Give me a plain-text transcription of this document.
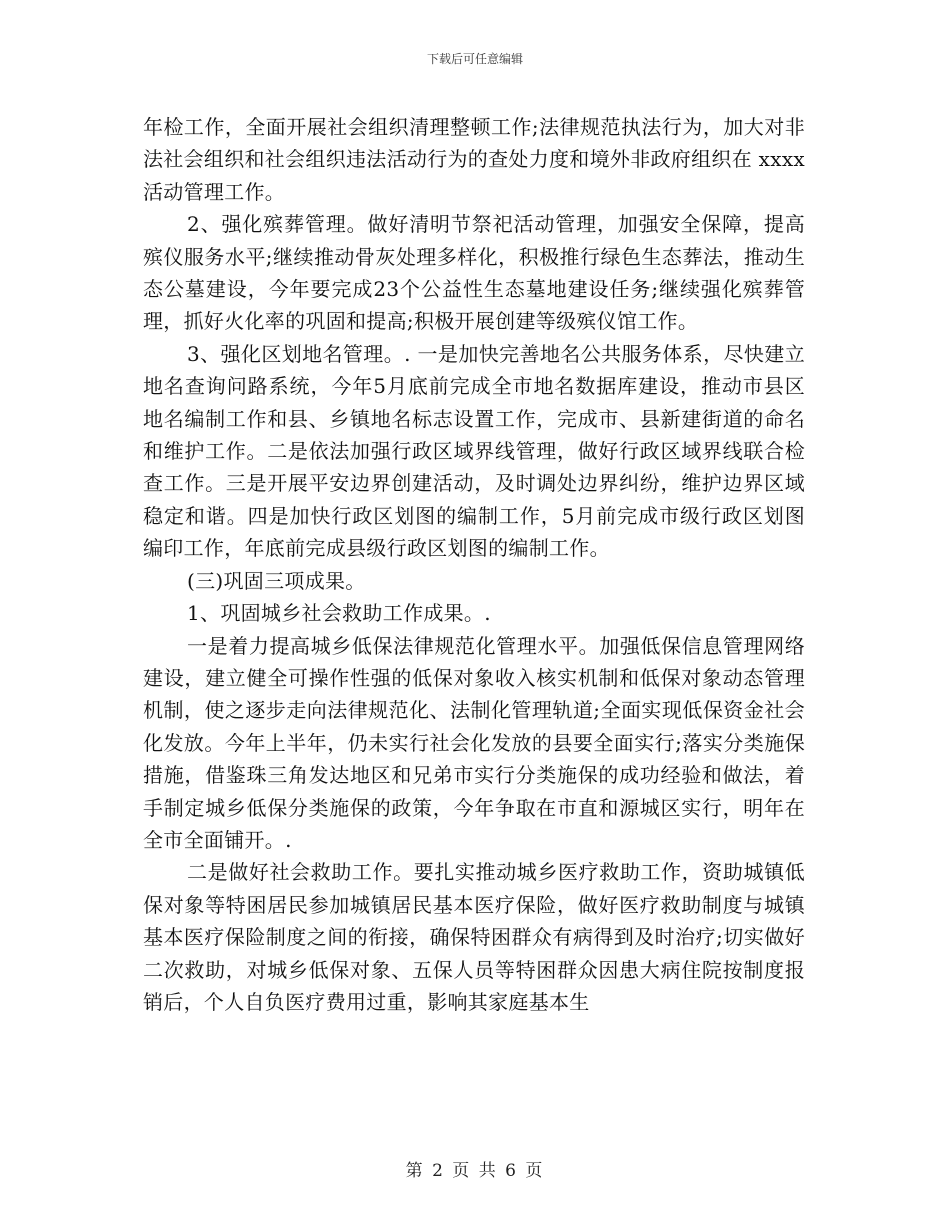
下载后可任意编辑

年检工作，全面开展社会组织清理整顿工作;法律规范执法行为，加大对非法社会组织和社会组织违法活动行为的查处力度和境外非政府组织在 xxxx 活动管理工作。

2、强化殡葬管理。做好清明节祭祀活动管理，加强安全保障，提高殡仪服务水平;继续推动骨灰处理多样化，积极推行绿色生态葬法，推动生态公墓建设，今年要完成23个公益性生态墓地建设任务;继续强化殡葬管理，抓好火化率的巩固和提高;积极开展创建等级殡仪馆工作。

3、强化区划地名管理。. 一是加快完善地名公共服务体系，尽快建立地名查询问路系统，今年5月底前完成全市地名数据库建设，推动市县区地名编制工作和县、乡镇地名标志设置工作，完成市、县新建街道的命名和维护工作。二是依法加强行政区域界线管理，做好行政区域界线联合检查工作。三是开展平安边界创建活动，及时调处边界纠纷，维护边界区域稳定和谐。四是加快行政区划图的编制工作，5月前完成市级行政区划图编印工作，年底前完成县级行政区划图的编制工作。

(三)巩固三项成果。

1、巩固城乡社会救助工作成果。.

一是着力提高城乡低保法律规范化管理水平。加强低保信息管理网络建设，建立健全可操作性强的低保对象收入核实机制和低保对象动态管理机制，使之逐步走向法律规范化、法制化管理轨道;全面实现低保资金社会化发放。今年上半年，仍未实行社会化发放的县要全面实行;落实分类施保措施，借鉴珠三角发达地区和兄弟市实行分类施保的成功经验和做法，着手制定城乡低保分类施保的政策，今年争取在市直和源城区实行，明年在全市全面铺开。.

二是做好社会救助工作。要扎实推动城乡医疗救助工作，资助城镇低保对象等特困居民参加城镇居民基本医疗保险，做好医疗救助制度与城镇基本医疗保险制度之间的衔接，确保特困群众有病得到及时治疗;切实做好二次救助，对城乡低保对象、五保人员等特困群众因患大病住院按制度报销后，个人自负医疗费用过重，影响其家庭基本生

第 2 页 共 6 页
